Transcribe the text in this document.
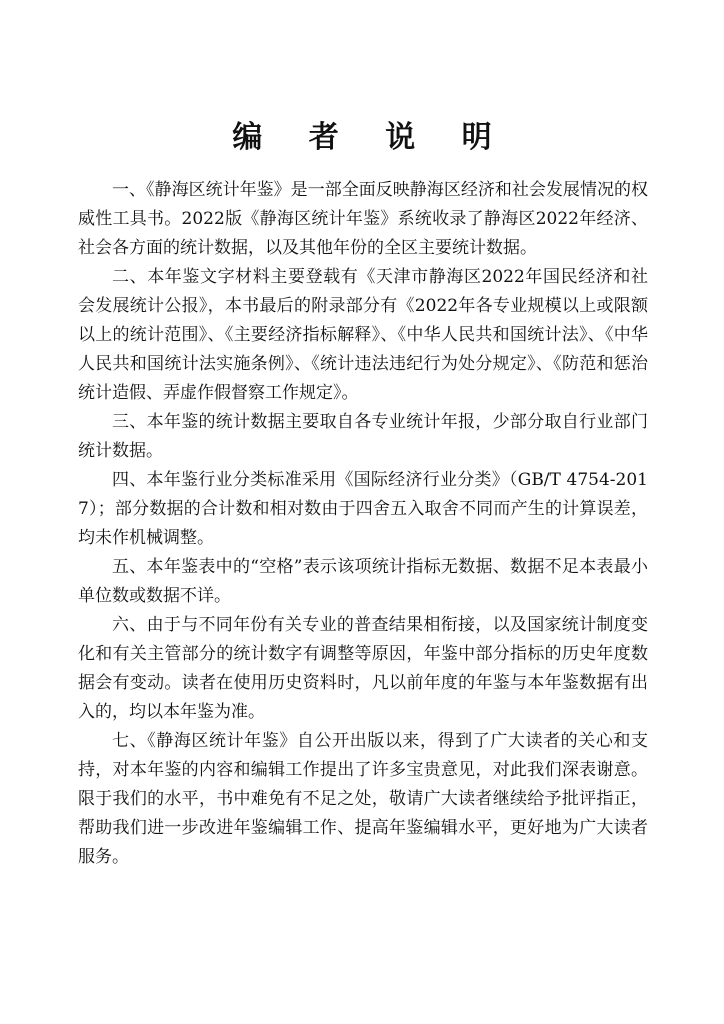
编 者 说 明

一、《静海区统计年鉴》是一部全面反映静海区经济和社会发展情况的权威性工具书。2022版《静海区统计年鉴》系统收录了静海区2022年经济、社会各方面的统计数据，以及其他年份的全区主要统计数据。

二、本年鉴文字材料主要登载有《天津市静海区2022年国民经济和社会发展统计公报》，本书最后的附录部分有《2022年各专业规模以上或限额以上的统计范围》、《主要经济指标解释》、《中华人民共和国统计法》、《中华人民共和国统计法实施条例》、《统计违法违纪行为处分规定》、《防范和惩治统计造假、弄虚作假督察工作规定》。

三、本年鉴的统计数据主要取自各专业统计年报，少部分取自行业部门统计数据。

四、本年鉴行业分类标准采用《国际经济行业分类》（GB/T 4754-2017）；部分数据的合计数和相对数由于四舍五入取舍不同而产生的计算误差，均未作机械调整。

五、本年鉴表中的“空格”表示该项统计指标无数据、数据不足本表最小单位数或数据不详。

六、由于与不同年份有关专业的普查结果相衔接，以及国家统计制度变化和有关主管部分的统计数字有调整等原因，年鉴中部分指标的历史年度数据会有变动。读者在使用历史资料时，凡以前年度的年鉴与本年鉴数据有出入的，均以本年鉴为准。

七、《静海区统计年鉴》自公开出版以来，得到了广大读者的关心和支持，对本年鉴的内容和编辑工作提出了许多宝贵意见，对此我们深表谢意。限于我们的水平，书中难免有不足之处，敬请广大读者继续给予批评指正，帮助我们进一步改进年鉴编辑工作、提高年鉴编辑水平，更好地为广大读者服务。
